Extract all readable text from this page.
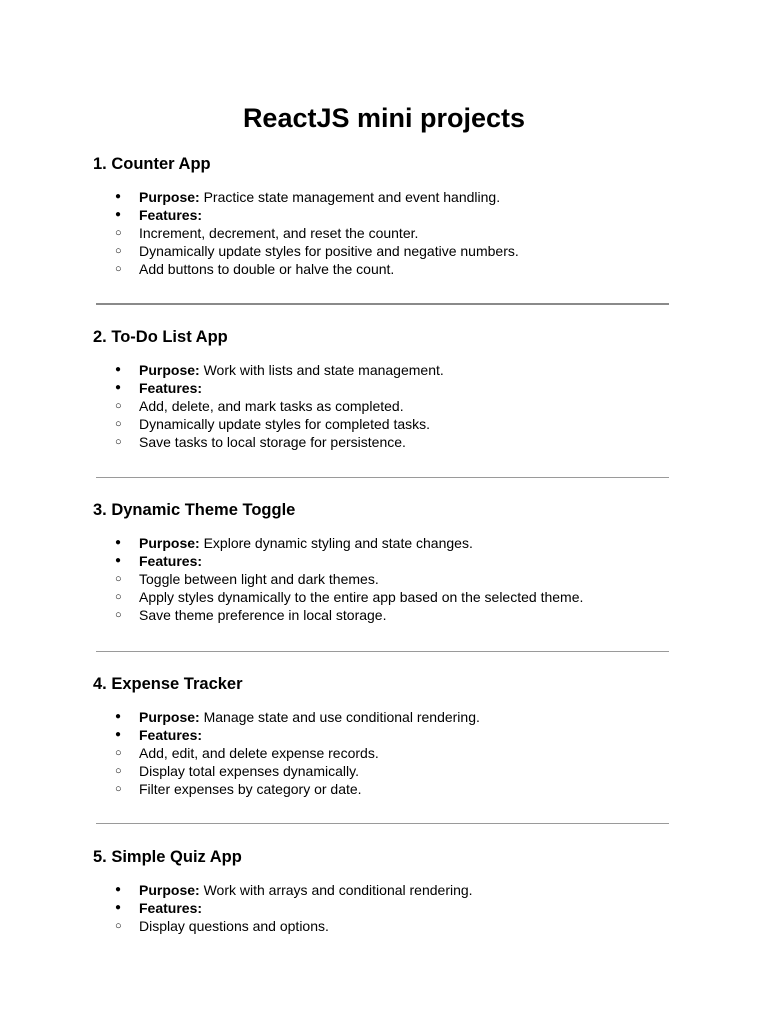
ReactJS mini projects
1. Counter App
● Purpose: Practice state management and event handling.
● Features:
○ Increment, decrement, and reset the counter.
○ Dynamically update styles for positive and negative numbers.
○ Add buttons to double or halve the count.
2. To-Do List App
● Purpose: Work with lists and state management.
● Features:
○ Add, delete, and mark tasks as completed.
○ Dynamically update styles for completed tasks.
○ Save tasks to local storage for persistence.
3. Dynamic Theme Toggle
● Purpose: Explore dynamic styling and state changes.
● Features:
○ Toggle between light and dark themes.
○ Apply styles dynamically to the entire app based on the selected theme.
○ Save theme preference in local storage.
4. Expense Tracker
● Purpose: Manage state and use conditional rendering.
● Features:
○ Add, edit, and delete expense records.
○ Display total expenses dynamically.
○ Filter expenses by category or date.
5. Simple Quiz App
● Purpose: Work with arrays and conditional rendering.
● Features:
○ Display questions and options.
